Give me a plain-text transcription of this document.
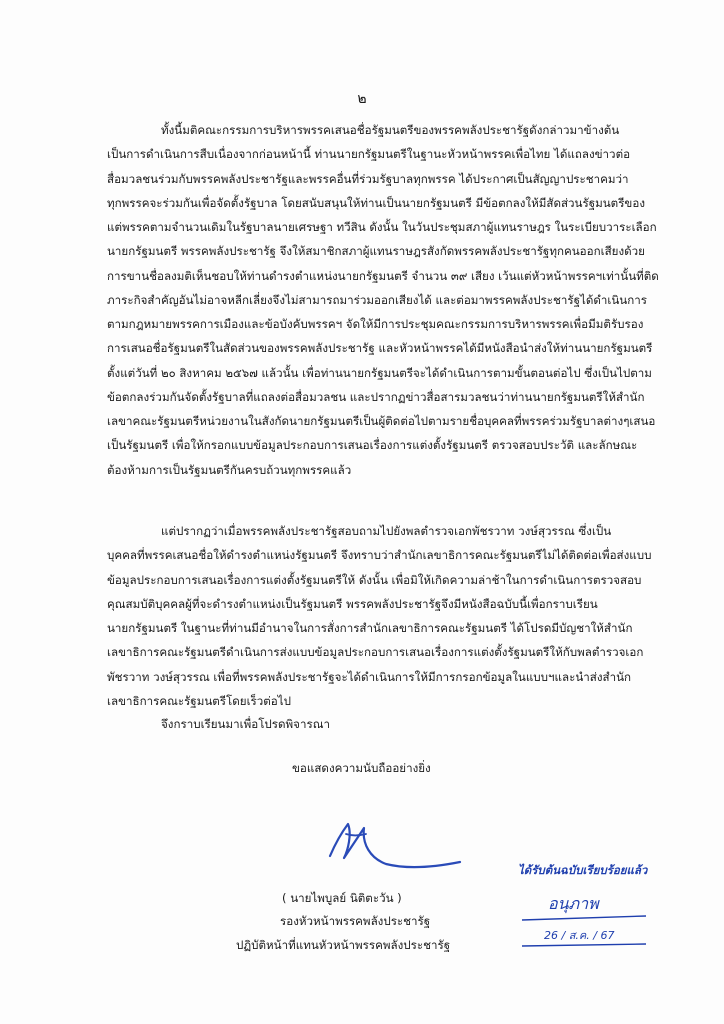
๒
ทั้งนี้มติคณะกรรมการบริหารพรรคเสนอชื่อรัฐมนตรีของพรรคพลังประชารัฐดังกล่าวมาข้างต้น
เป็นการดำเนินการสืบเนื่องจากก่อนหน้านี้ ท่านนายกรัฐมนตรีในฐานะหัวหน้าพรรคเพื่อไทย ได้แถลงข่าวต่อ
สื่อมวลชนร่วมกับพรรคพลังประชารัฐและพรรคอื่นที่ร่วมรัฐบาลทุกพรรค ได้ประกาศเป็นสัญญาประชาคมว่า
ทุกพรรคจะร่วมกันเพื่อจัดตั้งรัฐบาล โดยสนับสนุนให้ท่านเป็นนายกรัฐมนตรี มีข้อตกลงให้มีสัดส่วนรัฐมนตรีของ
แต่พรรคตามจำนวนเดิมในรัฐบาลนายเศรษฐา ทวีสิน ดังนั้น ในวันประชุมสภาผู้แทนราษฎร ในระเบียบวาระเลือก
นายกรัฐมนตรี พรรคพลังประชารัฐ จึงให้สมาชิกสภาผู้แทนราษฎรสังกัดพรรคพลังประชารัฐทุกคนออกเสียงด้วย
การขานชื่อลงมติเห็นชอบให้ท่านดำรงตำแหน่งนายกรัฐมนตรี จำนวน ๓๙ เสียง เว้นแต่หัวหน้าพรรคฯเท่านั้นที่ติด
ภาระกิจสำคัญอันไม่อาจหลีกเลี่ยงจึงไม่สามารถมาร่วมออกเสียงได้ และต่อมาพรรคพลังประชารัฐได้ดำเนินการ
ตามกฎหมายพรรคการเมืองและข้อบังคับพรรคฯ จัดให้มีการประชุมคณะกรรมการบริหารพรรคเพื่อมีมติรับรอง
การเสนอชื่อรัฐมนตรีในสัดส่วนของพรรคพลังประชารัฐ และหัวหน้าพรรคได้มีหนังสือนำส่งให้ท่านนายกรัฐมนตรี
ตั้งแต่วันที่ ๒๐ สิงหาคม ๒๕๖๗ แล้วนั้น เพื่อท่านนายกรัฐมนตรีจะได้ดำเนินการตามขั้นตอนต่อไป ซึ่งเป็นไปตาม
ข้อตกลงร่วมกันจัดตั้งรัฐบาลที่แถลงต่อสื่อมวลชน และปรากฏข่าวสื่อสารมวลชนว่าท่านนายกรัฐมนตรีให้สำนัก
เลขาคณะรัฐมนตรีหน่วยงานในสังกัดนายกรัฐมนตรีเป็นผู้ติดต่อไปตามรายชื่อบุคคลที่พรรคร่วมรัฐบาลต่างๆเสนอ
เป็นรัฐมนตรี เพื่อให้กรอกแบบข้อมูลประกอบการเสนอเรื่องการแต่งตั้งรัฐมนตรี ตรวจสอบประวัติ และลักษณะ
ต้องห้ามการเป็นรัฐมนตรีกันครบถ้วนทุกพรรคแล้ว
แต่ปรากฏว่าเมื่อพรรคพลังประชารัฐสอบถามไปยังพลตำรวจเอกพัชรวาท วงษ์สุวรรณ ซึ่งเป็น
บุคคลที่พรรคเสนอชื่อให้ดำรงตำแหน่งรัฐมนตรี จึงทราบว่าสำนักเลขาธิการคณะรัฐมนตรีไม่ได้ติดต่อเพื่อส่งแบบ
ข้อมูลประกอบการเสนอเรื่องการแต่งตั้งรัฐมนตรีให้ ดังนั้น เพื่อมิให้เกิดความล่าช้าในการดำเนินการตรวจสอบ
คุณสมบัติบุคคลผู้ที่จะดำรงตำแหน่งเป็นรัฐมนตรี พรรคพลังประชารัฐจึงมีหนังสือฉบับนี้เพื่อกราบเรียน
นายกรัฐมนตรี ในฐานะที่ท่านมีอำนาจในการสั่งการสำนักเลขาธิการคณะรัฐมนตรี ได้โปรดมีบัญชาให้สำนัก
เลขาธิการคณะรัฐมนตรีดำเนินการส่งแบบข้อมูลประกอบการเสนอเรื่องการแต่งตั้งรัฐมนตรีให้กับพลตำรวจเอก
พัชรวาท วงษ์สุวรรณ เพื่อที่พรรคพลังประชารัฐจะได้ดำเนินการให้มีการกรอกข้อมูลในแบบฯและนำส่งสำนัก
เลขาธิการคณะรัฐมนตรีโดยเร็วต่อไป
จึงกราบเรียนมาเพื่อโปรดพิจารณา
ขอแสดงความนับถืออย่างยิ่ง
( นายไพบูลย์ นิติตะวัน )
รองหัวหน้าพรรคพลังประชารัฐ
ปฏิบัติหน้าที่แทนหัวหน้าพรรคพลังประชารัฐ
ได้รับต้นฉบับเรียบร้อยแล้ว
อนุภาพ
26 / ส.ค. / 67
